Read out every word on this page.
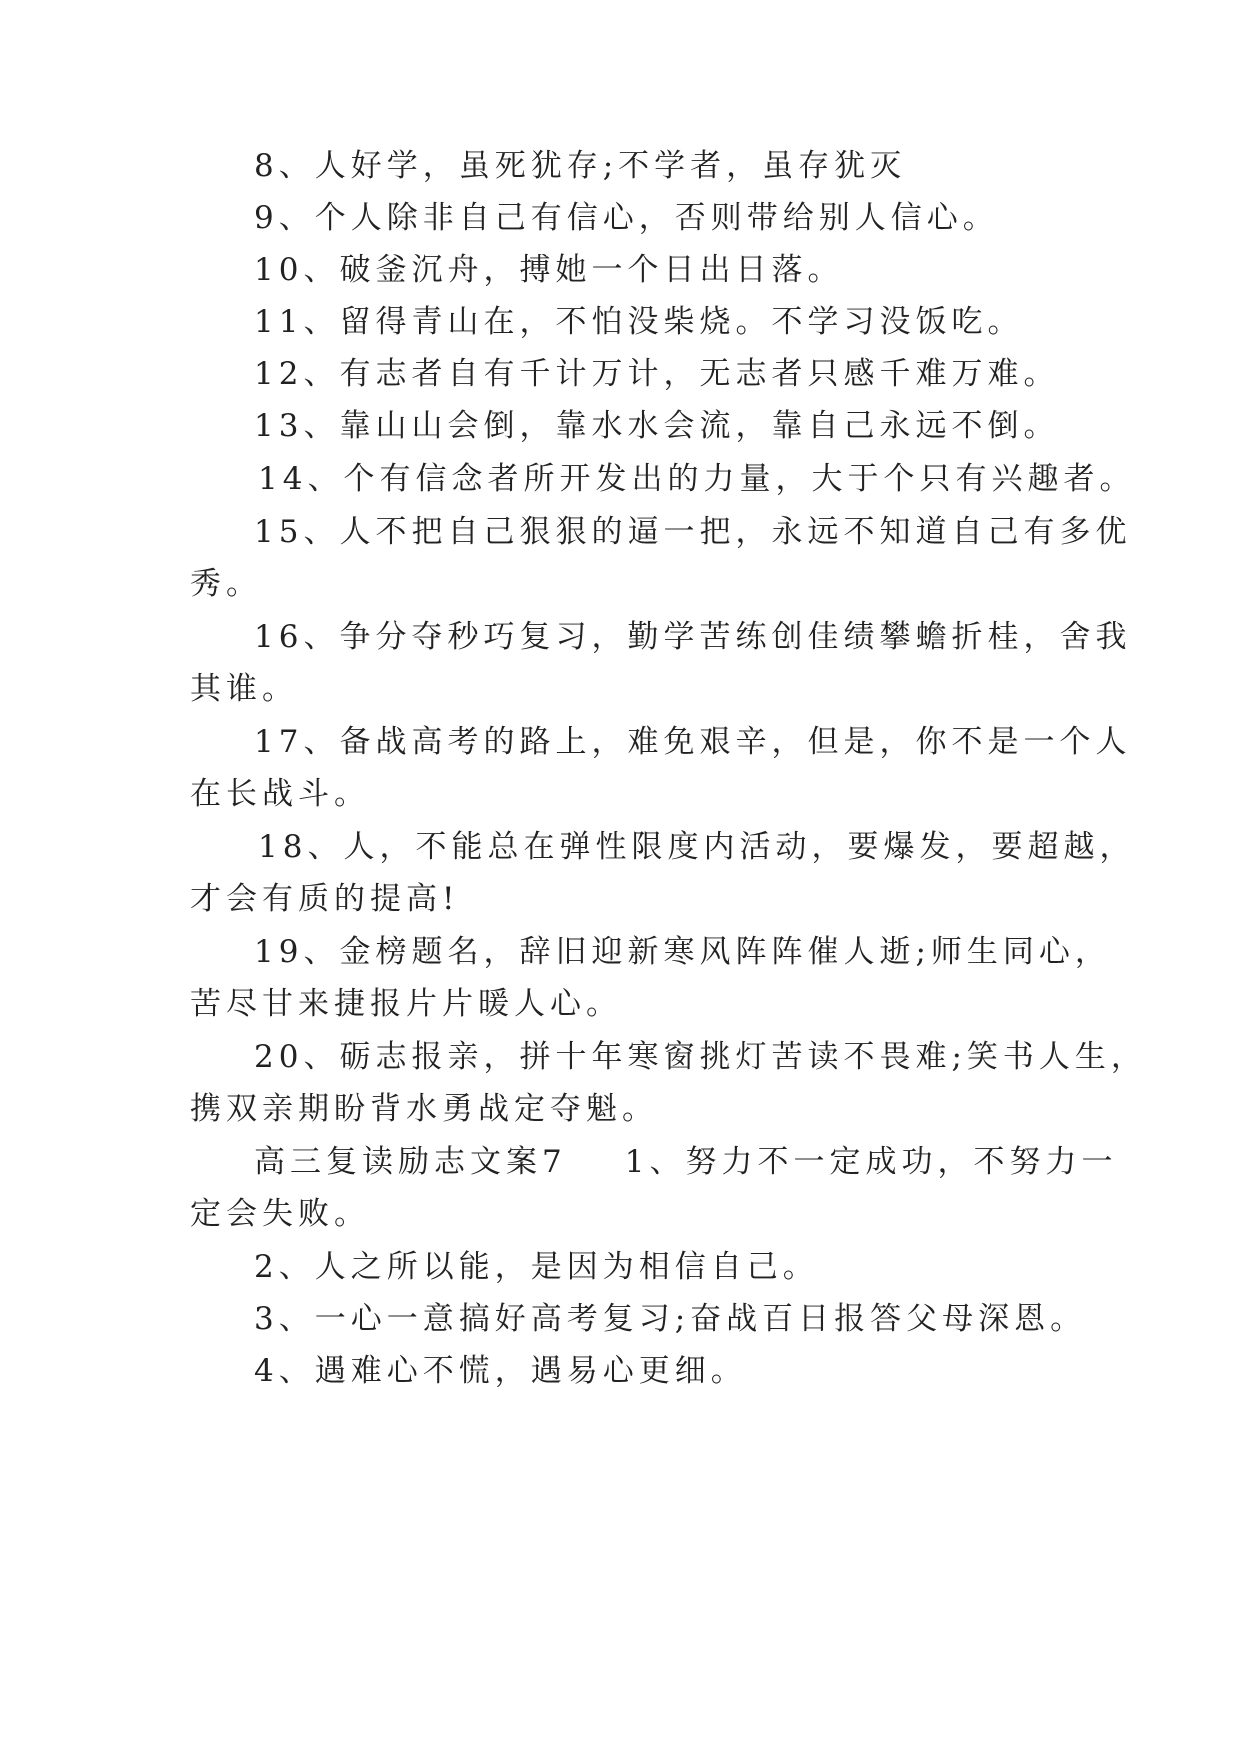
8、人好学，虽死犹存;不学者，虽存犹灭
9、个人除非自己有信心，否则带给别人信心。
10、破釜沉舟，搏她一个日出日落。
11、留得青山在，不怕没柴烧。不学习没饭吃。
12、有志者自有千计万计，无志者只感千难万难。
13、靠山山会倒，靠水水会流，靠自己永远不倒。
14、个有信念者所开发出的力量，大于个只有兴趣者。
15、人不把自己狠狠的逼一把，永远不知道自己有多优
秀。
16、争分夺秒巧复习，勤学苦练创佳绩攀蟾折桂，舍我
其谁。
17、备战高考的路上，难免艰辛，但是，你不是一个人
在长战斗。
18、人，不能总在弹性限度内活动，要爆发，要超越，
才会有质的提高!
19、金榜题名，辞旧迎新寒风阵阵催人逝;师生同心，
苦尽甘来捷报片片暖人心。
20、砺志报亲，拼十年寒窗挑灯苦读不畏难;笑书人生，
携双亲期盼背水勇战定夺魁。
高三复读励志文案7 1、努力不一定成功，不努力一
定会失败。
2、人之所以能，是因为相信自己。
3、一心一意搞好高考复习;奋战百日报答父母深恩。
4、遇难心不慌，遇易心更细。
